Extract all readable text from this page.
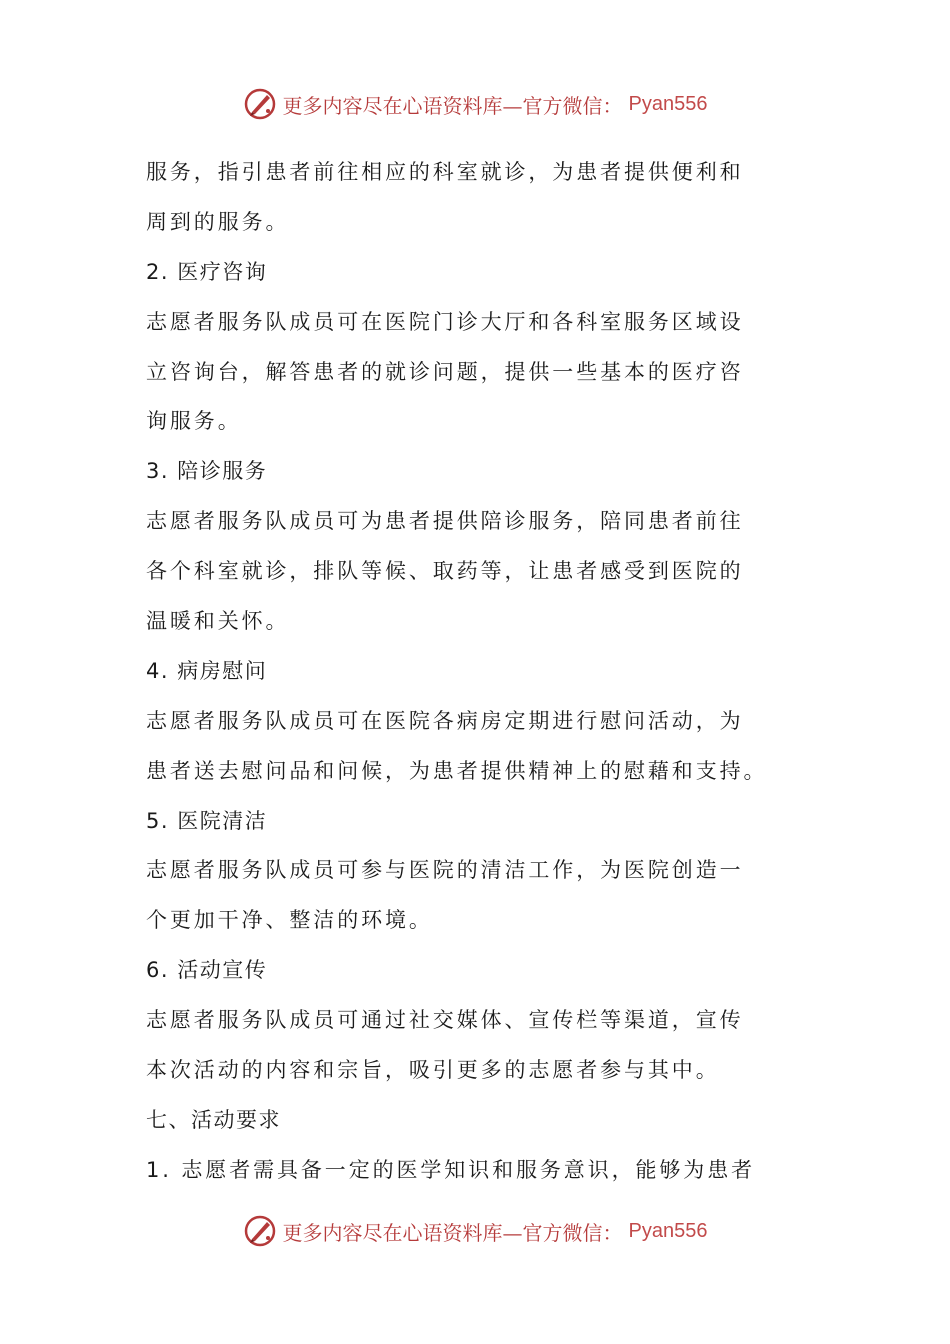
更多内容尽在心语资料库—官方微信： Pyan556
服务，指引患者前往相应的科室就诊，为患者提供便利和
周到的服务。
2. 医疗咨询
志愿者服务队成员可在医院门诊大厅和各科室服务区域设
立咨询台，解答患者的就诊问题，提供一些基本的医疗咨
询服务。
3. 陪诊服务
志愿者服务队成员可为患者提供陪诊服务，陪同患者前往
各个科室就诊，排队等候、取药等，让患者感受到医院的
温暖和关怀。
4. 病房慰问
志愿者服务队成员可在医院各病房定期进行慰问活动，为
患者送去慰问品和问候，为患者提供精神上的慰藉和支持。
5. 医院清洁
志愿者服务队成员可参与医院的清洁工作，为医院创造一
个更加干净、整洁的环境。
6. 活动宣传
志愿者服务队成员可通过社交媒体、宣传栏等渠道，宣传
本次活动的内容和宗旨，吸引更多的志愿者参与其中。
七、活动要求
1. 志愿者需具备一定的医学知识和服务意识，能够为患者
更多内容尽在心语资料库—官方微信： Pyan556
